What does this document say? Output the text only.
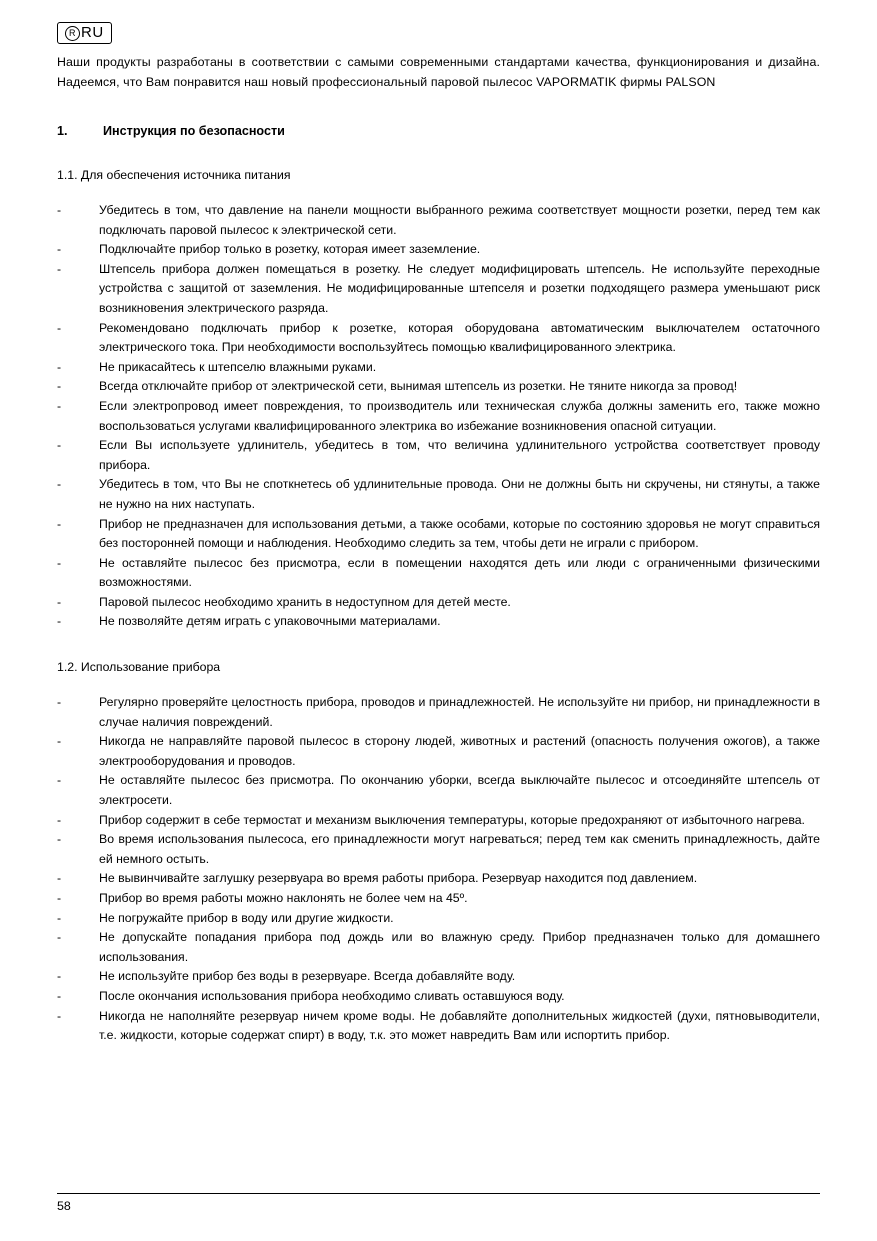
R RU

Наши продукты разработаны в соответствии с самыми современными стандартами качества, функционирования и дизайна. Надеемся, что Вам понравится наш новый профессиональный паровой пылесос VAPORMATIK фирмы PALSON

1.	Инструкция по безопасности
1.1. Для обеспечения источника питания
-	Убедитесь в том, что давление на панели мощности выбранного режима соответствует мощности розетки, перед тем как подключать паровой пылесос к электрической сети.
-	Подключайте прибор только в розетку, которая имеет заземление.
-	Штепсель прибора должен помещаться в розетку. Не следует модифицировать штепсель. Не используйте переходные устройства с защитой от заземления. Не модифицированные штепселя и розетки подходящего размера уменьшают риск возникновения электрического разряда.
-	Рекомендовано подключать прибор к розетке, которая оборудована автоматическим выключателем остаточного электрического тока. При необходимости воспользуйтесь помощью квалифицированного электрика.
-	Не прикасайтесь к штепселю влажными руками.
-	Всегда отключайте прибор от электрической сети, вынимая штепсель из розетки. Не тяните никогда за провод!
-	Если электропровод имеет повреждения, то производитель или техническая служба должны заменить его, также можно воспользоваться услугами квалифицированного электрика во избежание возникновения опасной ситуации.
-	Если Вы используете удлинитель, убедитесь в том, что величина удлинительного устройства соответствует проводу прибора.
-	Убедитесь в том, что Вы не споткнетесь об удлинительные провода. Они не должны быть ни скручены, ни стянуты, а также не нужно на них наступать.
-	Прибор не предназначен для использования детьми, а также особами, которые по состоянию здоровья не могут справиться без посторонней помощи и наблюдения. Необходимо следить за тем, чтобы дети не играли с прибором.
-	Не оставляйте пылесос без присмотра, если в помещении находятся деть или люди с ограниченными физическими возможностями.
-	Паровой пылесос необходимо хранить в недоступном для детей месте.
-	Не позволяйте детям играть с упаковочными материалами.
1.2. Использование прибора
-	Регулярно проверяйте целостность прибора, проводов и принадлежностей. Не используйте ни прибор, ни принадлежности в случае наличия повреждений.
-	Никогда не направляйте паровой пылесос в сторону людей, животных и растений (опасность получения ожогов), а также электрооборудования и проводов.
-	Не оставляйте пылесос без присмотра. По окончанию уборки, всегда выключайте пылесос и отсоединяйте штепсель от электросети.
-	Прибор содержит в себе термостат и механизм выключения температуры, которые предохраняют от избыточного нагрева.
-	Во время использования пылесоса, его принадлежности могут нагреваться; перед тем как сменить принадлежность, дайте ей немного остыть.
-	Не вывинчивайте заглушку резервуара во время работы прибора. Резервуар находится под давлением.
-	Прибор во время работы можно наклонять не более чем на 45º.
-	Не погружайте прибор в воду или другие жидкости.
-	Не допускайте попадания прибора под дождь или во влажную среду. Прибор предназначен только для домашнего использования.
-	Не используйте прибор без воды в резервуаре. Всегда добавляйте воду.
-	После окончания использования прибора необходимо сливать оставшуюся воду.
-	Никогда не наполняйте резервуар ничем кроме воды. Не добавляйте дополнительных жидкостей (духи, пятновыводители, т.е. жидкости, которые содержат спирт) в воду, т.к. это может навредить Вам или испортить прибор.
58
